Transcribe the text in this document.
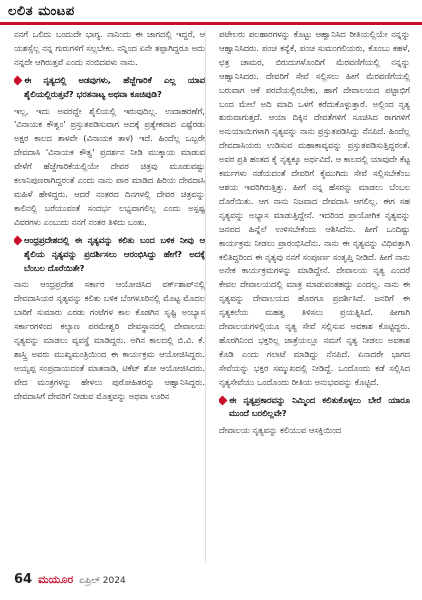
ಲಲಿತ ಮಂಟಪ

ನನಗೆ ಒಲಿದು ಬಂದುದೇ ಭಾಗ್ಯ. ನಾನಿಂದು ಈ ಜಾಗದಲ್ಲಿ ಇದ್ದರೆ, ಆ ಯಶಸ್ಸೆಲ್ಲ ನನ್ನ ಗುರುಗಳಿಗೆ ಸಲ್ಲಬೇಕು. ನನ್ನಿಂದ ಏನೇ ತಪ್ಪಾಗಿದ್ದರೂ ಅದು ನನ್ನದೇ ಆಗಿರುತ್ತವೆ ಎಂದು ನಂಬಿದವಳು ನಾನು.

ಈ ನೃತ್ಯದಲ್ಲಿ ಅಡವುಗಳು, ಹೆಜ್ಜೆಗಾರಿಕೆ ಎಲ್ಲ ಯಾವ ಶೈಲಿಯಲ್ಲಿರುತ್ತವೆ? ಭರತನಾಟ್ಯ ಅಥವಾ ಕೂಚಿಪುಡಿ?

ಇಲ್ಲ, ಇದು ಅವರದ್ದೇ ಶೈಲಿಯಲ್ಲಿ ಇರುವುದಿಲ್ಲ. ಉದಾಹರಣೆಗೆ, 'ವಿನಾಯಕ ಕೌತ್ವಂ' ಪ್ರಸ್ತುತಪಡಿಸುವಾಗ ಅದಕ್ಕೆ ಪ್ರತ್ಯೇಕವಾದ ಎಷ್ಟೆರಡು ಅಕ್ಷರ ಕಾಲದ ತಾಳವೇ (ವಿನಾಯಕ ತಾಳ) ಇದೆ. ಹಿಂದೆಲ್ಲ ಒಬ್ಬರೇ ದೇವದಾಸಿ 'ವಿನಾಯಕ ಕೌತ್ವ' ಪ್ರದರ್ಶನ ನೀಡಿ ಮುಕ್ಕಾಯ ಮಾಡುವ ವೇಳೆಗೆ ಹೆಜ್ಜೆಗಾರಿಕೆಯಲ್ಲಿಯೇ ದೇವರ ಚಿತ್ರವು ಮೂಡುವಷ್ಟು ಕಲಾನಿಪುಣರಾಗಿದ್ದರಂತೆ ಎಂದು ನಾನು ಪಾಠ ಮಾಡಿದ ಹಿರಿಯ ದೇವದಾಸಿ ಮಹಿಳೆ ಹೇಳಿದ್ದರು. ಆದರೆ ನಂತರದ ದಿನಗಳಲ್ಲಿ ದೇವರ ಚಿತ್ರವನ್ನು ಕಾಲಿನಲ್ಲಿ ಬರೆಯುವಂತೆ ಸಂದರ್ಭ ಲಭ್ಯವಾಗಲಿಲ್ಲ ಎಂದು ಅಸ್ಪಷ್ಟ ವಿವರಗಳು ಎಂಬುದು ನನಗೆ ನಂತರ ತಿಳಿದು ಬಂತು.

ಆಂಧ್ರಪ್ರದೇಶದಲ್ಲಿ ಈ ನೃತ್ಯವನ್ನು ಕಲಿತು ಬಂದ ಬಳಿಕ ನೀವು ಆ ಶೈಲಿಯ ನೃತ್ಯವನ್ನು ಪ್ರದರ್ಶಿಸಲು ಆರಂಭಿಸಿದ್ದು ಹೇಗೆ? ಅದಕ್ಕೆ ಬೆಂಬಲ ದೊರೆಯಿತೇ?

ನಾನು ಆಂಧ್ರಪ್ರದೇಶ ಸರ್ಕಾರ ಆಯೋಜಿಸಿದ ವರ್ಕ್‌ಶಾಪ್‌ನಲ್ಲಿ ದೇವದಾಸಿಯರ ನೃತ್ಯವನ್ನು ಕಲಿತು ಬಳಿಕ ಬೆಂಗಳೂರಿನಲ್ಲಿ ಮೊಟ್ಟ ಮೊದಲ ಬಾರಿಗೆ ಸುಮಾರು ಎರಡು ಗಂಟೆಗಳ ಕಾಲ ಕೊಡಗಿನ ಸೃಷ್ಟಿ ಅಂಬ್ಯಾಸ ಸರ್ಕಾರಗಳಿಂದ ಕಲ್ಯಾಣ ಪರಮೇಶ್ವರಿ ದೇವಸ್ಥಾನದಲ್ಲಿ ದೇವಾಲಯ ನೃತ್ಯವನ್ನು ಮಾಡಲು ವ್ಯವಸ್ಥೆ ಮಾಡಿದ್ದರು. ಅಗಿನ ಕಾಲದಲ್ಲಿ ಬಿ.ವಿ. ಕೆ. ಶಾಸ್ತ್ರಿ ಅವರು ಮುಖ್ಯಮಂತ್ರಿಯಿಂದ ಈ ಕಾರ್ಯಕ್ರಮ ಆಯೋಜಿಸಿದ್ದರು. ಅಯ್ಯಪ್ಪ ಸಂಪ್ರದಾಯದಂತೆ ಮಾತನಾಡಿ, ಟಿಕೆಟ್ ಶೋ ಆಯೋಜಿಸಿದರು. ವೇದ ಮಂತ್ರಗಳನ್ನು ಹೇಳಲು ಪುರೋಹಿತರನ್ನು ಆಹ್ವಾನಿಸಿದ್ದರು. ದೇವದಾಸಿಗೆ ದೇವರಿಗೆ ನೀಡುವ ಮೊತ್ತವನ್ನು ಅಥವಾ ಊರಿನ

ಪಟೇಲರು ಪಲಹಾರಗಳನ್ನು ಕೊಟ್ಟು ಆಹ್ವಾನಿಸಿದ ರೀತಿಯಲ್ಲಿಯೇ ನನ್ನನ್ನು ಆಹ್ವಾನಿಸಿದರು. ಪಂಚ ಕನ್ಯೆಕೆ, ಪಂಚ ಸುಮಂಗಲಿಯರು, ಕೊಂಬು ಕಹಳೆ, ಛತ್ರ ಚಾಮರ, ಬಿರುದುಗಳೊಂದಿಗೆ ಮೆರವಣಿಗೆಯಲ್ಲಿ ನನ್ನನ್ನು ಆಹ್ವಾನಿಸಿದರು. ದೇವರಿಗೆ ಸೇವೆ ಸಲ್ಲಿಸಲು ಹೀಗೆ ಮೆರವಣಿಗೆಯಲ್ಲಿ ಬರುವಾಗ ಆಕೆ ಪರದೆಯಲ್ಲಿರಬೇಕು, ಹಾಗೆ ದೇವಾಲಯದ ಪಟ್ಟಾಭಿಗೆ ಬಂದ ಮೇಲೆ ಅದಿ ಮಾದಿ ಒಳಗೆ ಕರೆದುಕೊಳ್ಳುತ್ತಾರೆ. ಅಲ್ಲಿಂದ ನೃತ್ಯ ಶುರುವಾಗುತ್ತದೆ. ಆಯಾ ದಿಕ್ಕಿನ ದೇವತೆಗಳಿಗೆ ಸೂಚಿಸಿದ ರಾಗಗಳಿಗೆ ಅನುಯಾಯಿಗಳಾಗಿ ನೃತ್ಯವನ್ನು ನಾನು ಪ್ರಸ್ತುತಪಡಿಸಿದ್ದು ನೆನಪಿದೆ. ಹಿಂದೆಲ್ಲ ದೇವದಾಸಿಯರು ಉಡಿಸುವ ಮಹಾಕಾವ್ಯವನ್ನು ಪ್ರಸ್ತುತಪಡಿಸುತ್ತಿದ್ದರಂತೆ. ಅವರ ಪ್ರತಿ ಹಂತದ ಕೈ ನೃತ್ಯಕ್ಕೂ ಅರ್ಥವಿದೆ. ಆ ಕಾಲದಲ್ಲಿ ಯಾವುದೇ ಕೆಟ್ಟ ಕರ್ಮಗಳು ನಡೆಯದಂತೆ ದೇವರಿಗೆ ಕೈಮುಗಿದು ಸೇವೆ ಸಲ್ಲಿಸಬೇಕೆಂಬ ಆಶಯ ಇವರಿಗಿರುತ್ತಿತ್ತು. ಹೀಗೆ ನನ್ನ ಹೆಸರನ್ನು ಮಾಡಲು ಬೆಂಬಲ ದೊರೆಯಿತು. ಆಗ ನಾನು ನಿಜವಾದ ದೇವದಾಸಿ ಆಗಲಿಲ್ಲ. ಈಗ ಸಹ ನೃತ್ಯವನ್ನು ಅಭ್ಯಾಸ ಮಾಡುತ್ತಿದ್ದೇನೆ. ಇದರಿಂದ ಪ್ರಾಯೋಗಿಕ ನೃತ್ಯವನ್ನು ಜನಪದ ಹಿನ್ನೆಲೆ ಉಳಿಸಬೇಕೆಂದು ಆಶಿಸಿದೆನು. ಹೀಗೆ ಒಂದಿಷ್ಟು ಕಾರ್ಯಕ್ರಮ ನೀಡಲು ಪ್ರಾರಂಭಿಸಿದೆನು. ನಾನು ಈ ನೃತ್ಯವನ್ನು ವಿಧಿವತ್ತಾಗಿ ಕಲಿತಿದ್ದರಿಂದ ಈ ನೃತ್ಯವು ನನಗೆ ಸಂಪೂರ್ಣ ಸಂತೃಪ್ತಿ ನೀಡಿದೆ. ಹೀಗೆ ನಾನು ಅನೇಕ ಕಾರ್ಯಕ್ರಮಗಳನ್ನು ಮಾಡಿದ್ದೇನೆ. ದೇವಾಲಯ ನೃತ್ಯ ಎಂದರೆ ಕೇವಲ ದೇವಾಲಯದಲ್ಲಿ ಮಾತ್ರ ಮಾಡುವಂತಹದ್ದು ಎಂದಲ್ಲ. ನಾನು ಈ ನೃತ್ಯವನ್ನು ದೇವಾಲಯದ ಹೊರಗೂ ಪ್ರದರ್ಶಿಸಿದೆ. ಜನರಿಗೆ ಈ ನೃತ್ಯಕಲೆಯ ಮಹತ್ವ ತಿಳಿಸಲು ಪ್ರಯತ್ನಿಸಿದೆ. ಹೀಗಾಗಿ ದೇವಾಲಯಗಳಲ್ಲಿಯೂ ನೃತ್ಯ ಸೇವೆ ಸಲ್ಲಿಸುವ ಅವಕಾಶ ಕೊಟ್ಟಿದ್ದರು. ಹೊರಗಿನಿಂದ ಭಕ್ತರಿಲ್ಲ ಜಾತ್ರೆಯಲ್ಲೂ ನಮಗೆ ನೃತ್ಯ ನೀಡಲು ಅವಕಾಶ ಕೊಡಿ ಎಂದು ಗಲಾಟೆ ಮಾಡಿದ್ದು ನೆನಪಿದೆ. ಏನಾದರೇ ಭಾಗದ ಸೇವೆಯನ್ನು ಭಕ್ತರ ಸಮ್ಮುಖದಲ್ಲಿ ನೀಡಿದ್ದೆ. ಒಂದೊಂದು ಕಡೆ ಸಲ್ಲಿಸಿದ ನೃತ್ಯಸೇವೆಯು ಒಂದೊಂದು ರೀತಿಯ ಅನುಭವವನ್ನು ಕೊಟ್ಟಿದೆ.

ಈ ನೃತ್ಯಪ್ರಕಾರವನ್ನು ನಿಮ್ಮಿಂದ ಕಲಿತುಕೊಳ್ಳಲು ಬೇರೆ ಯಾರೂ ಮುಂದೆ ಬರಲಿಲ್ಲವೇ?

ದೇವಾಲಯ ನೃತ್ಯವನ್ನು ಕಲಿಯುವ ಆಸಕ್ತಿಯಿಂದ

64 ಮಯೂರ ಏಪ್ರಿಲ್ 2024
